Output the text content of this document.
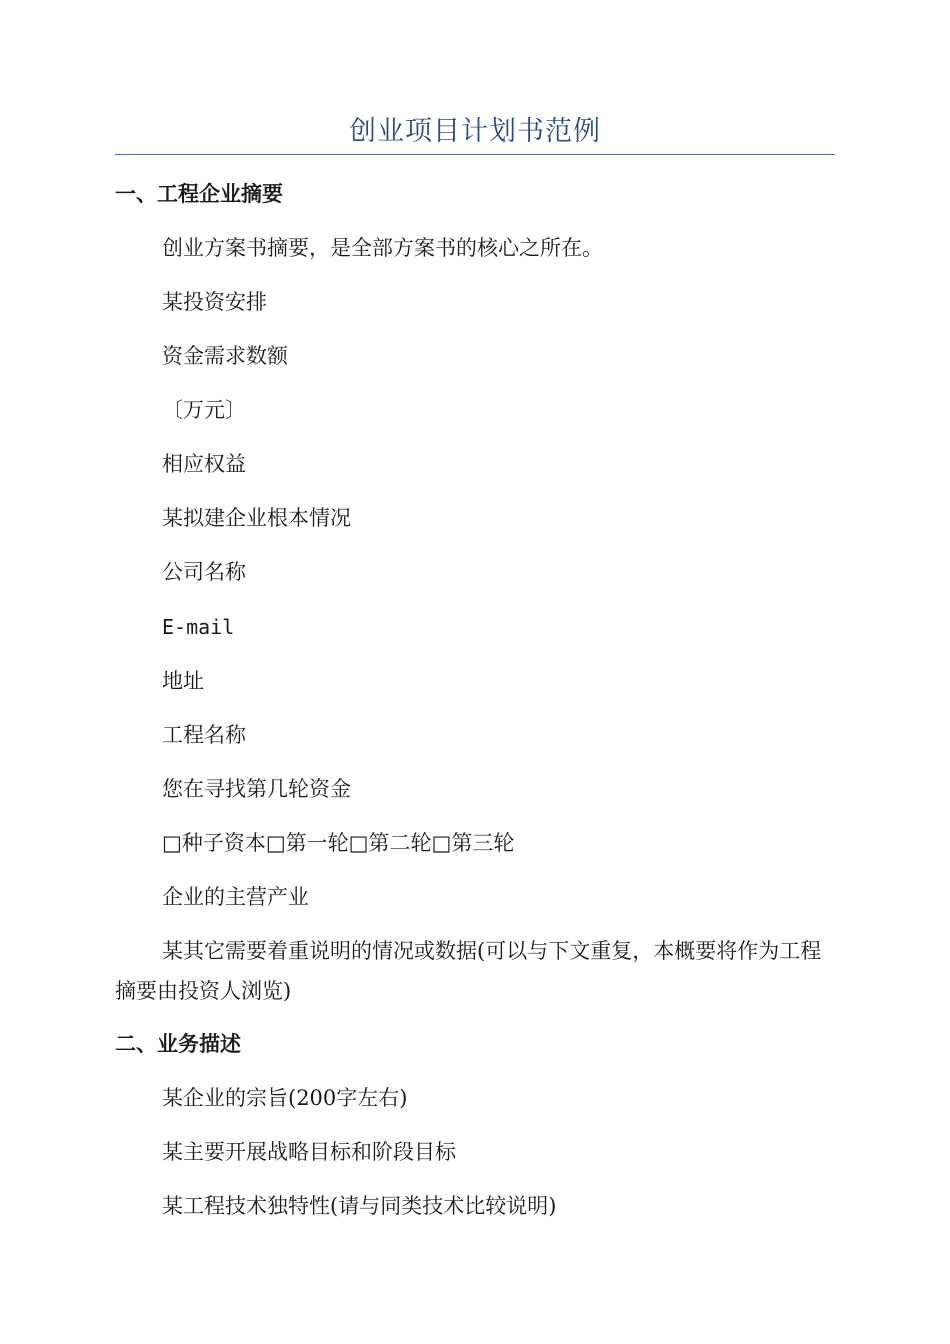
创业项目计划书范例
一、工程企业摘要

创业方案书摘要，是全部方案书的核心之所在。

某投资安排

资金需求数额

〔万元〕

相应权益

某拟建企业根本情况

公司名称

E-mail

地址

工程名称

您在寻找第几轮资金

□种子资本□第一轮□第二轮□第三轮

企业的主营产业

某其它需要着重说明的情况或数据(可以与下文重复，本概要将作为工程摘要由投资人浏览)

二、业务描述

某企业的宗旨(200字左右)

某主要开展战略目标和阶段目标

某工程技术独特性(请与同类技术比较说明)
